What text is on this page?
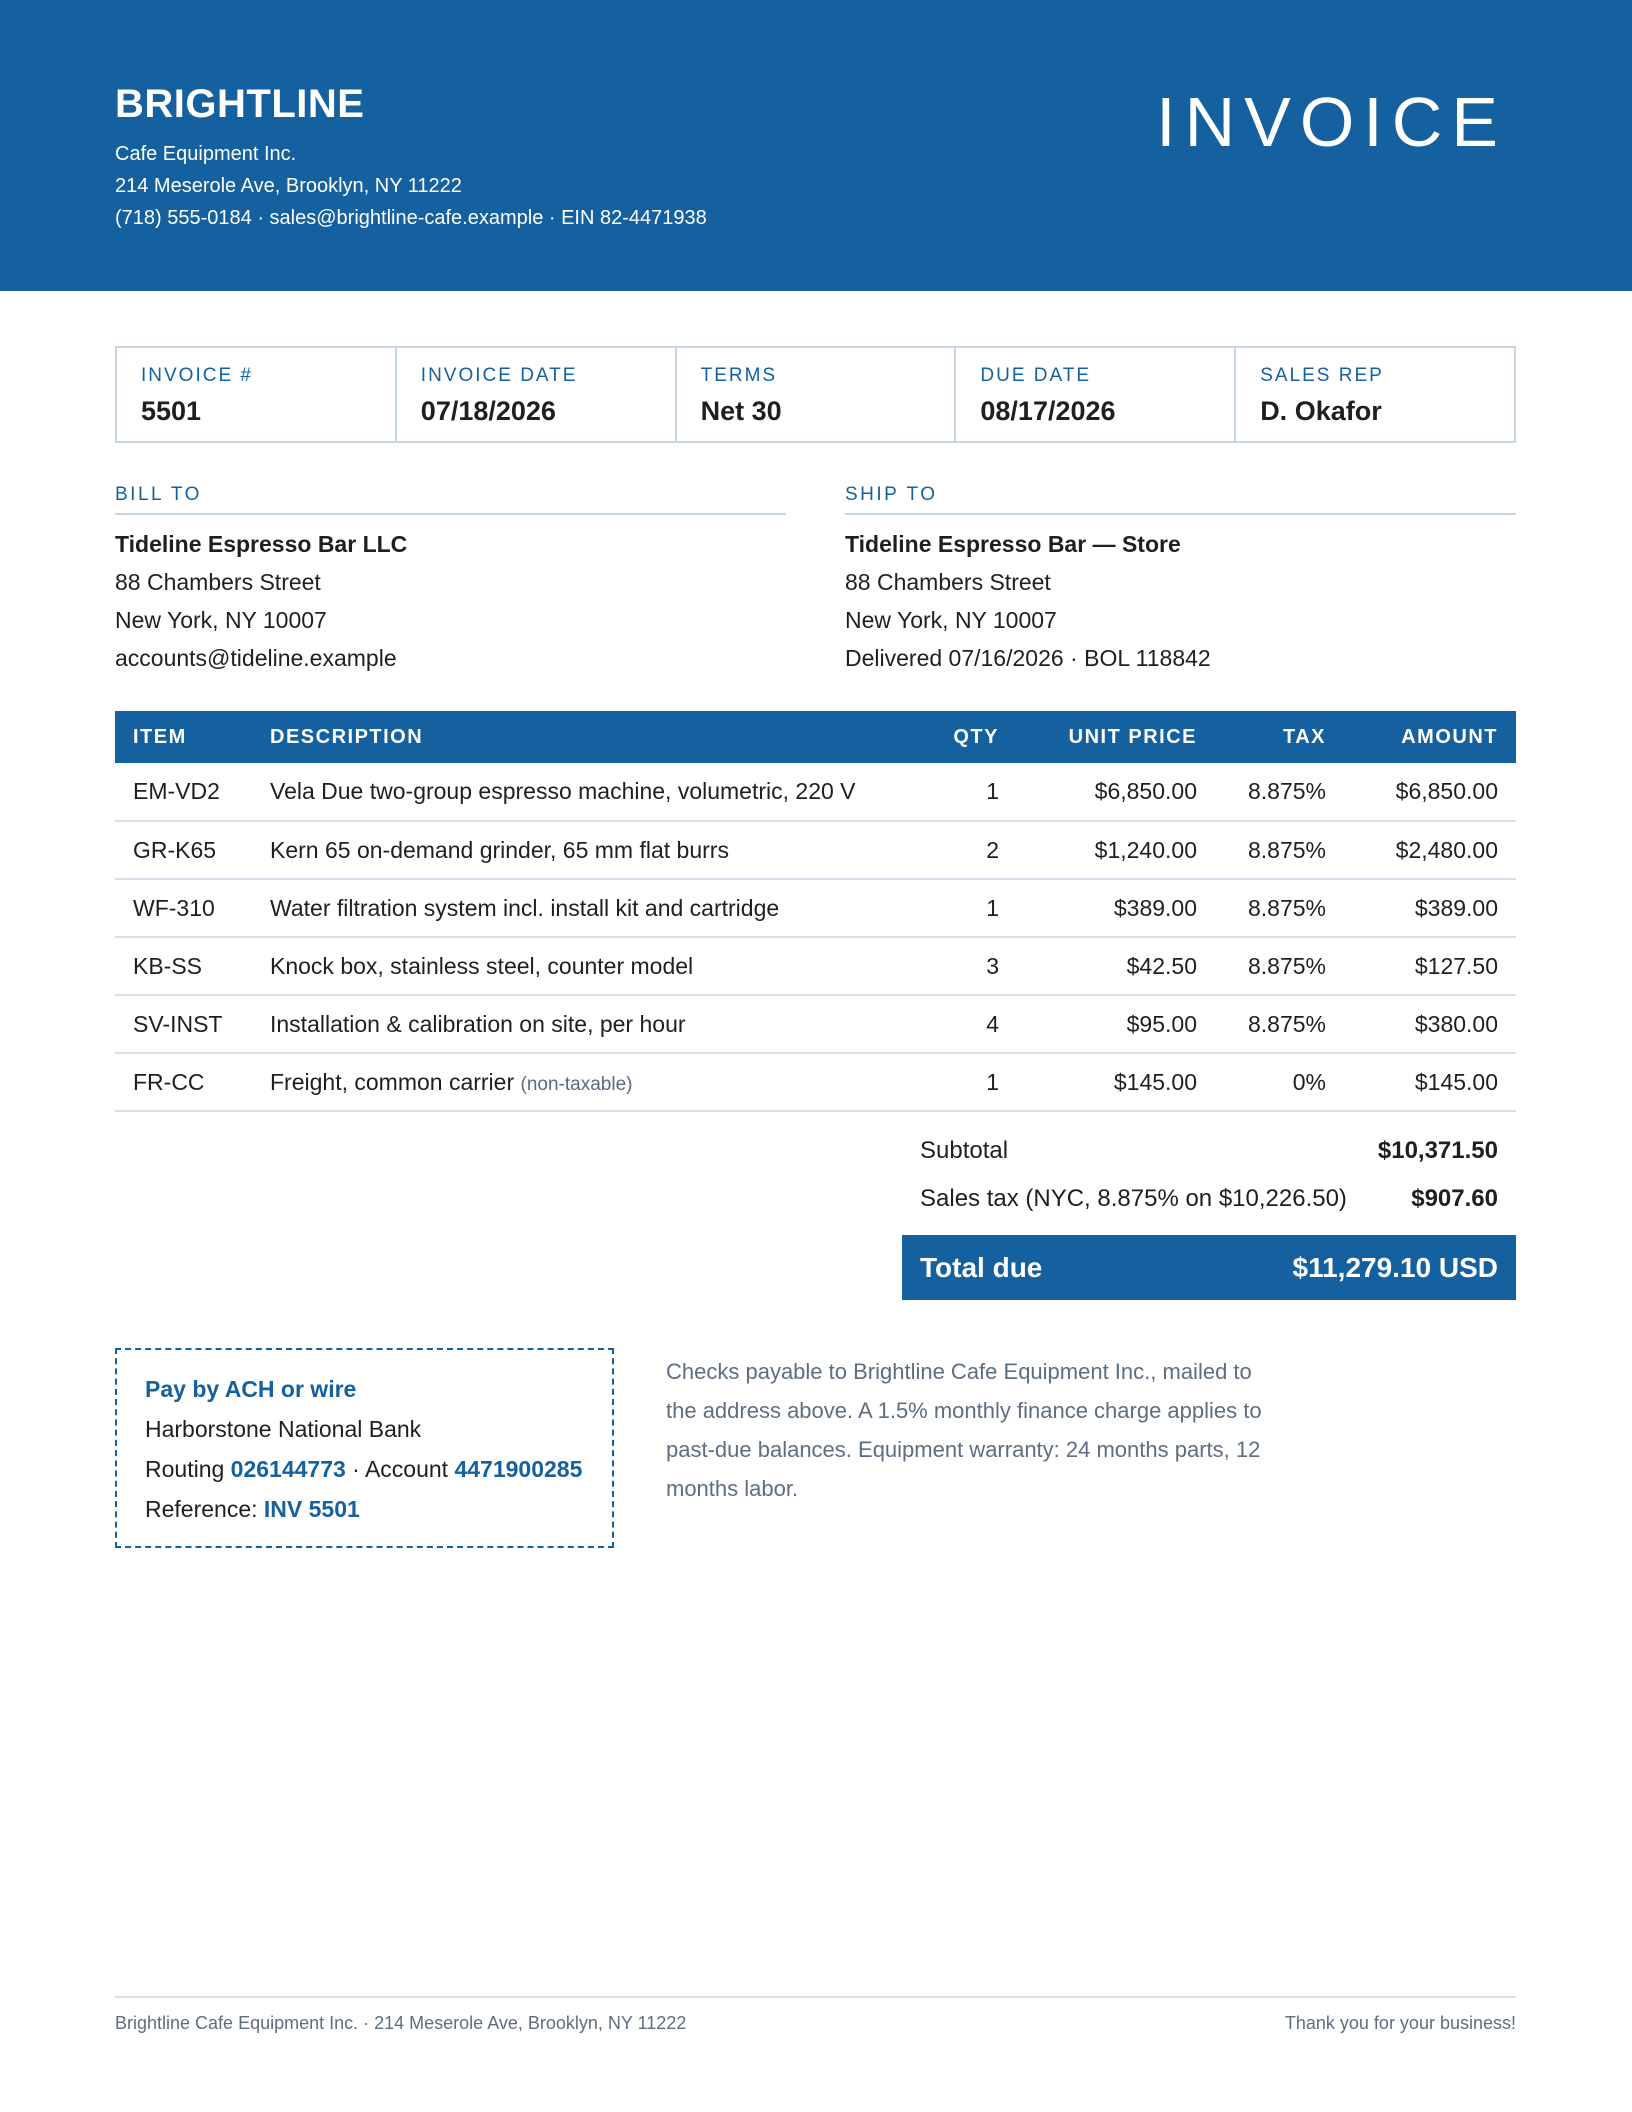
BRIGHTLINE
Cafe Equipment Inc.
214 Meserole Ave, Brooklyn, NY 11222
(718) 555-0184 · sales@brightline-cafe.example · EIN 82-4471938
INVOICE
INVOICE #
5501
INVOICE DATE
07/18/2026
TERMS
Net 30
DUE DATE
08/17/2026
SALES REP
D. Okafor
BILL TO
Tideline Espresso Bar LLC
88 Chambers Street
New York, NY 10007
accounts@tideline.example
SHIP TO
Tideline Espresso Bar — Store
88 Chambers Street
New York, NY 10007
Delivered 07/16/2026 · BOL 118842
ITEM	DESCRIPTION	QTY	UNIT PRICE	TAX	AMOUNT
EM-VD2	Vela Due two-group espresso machine, volumetric, 220 V	1	$6,850.00	8.875%	$6,850.00
GR-K65	Kern 65 on-demand grinder, 65 mm flat burrs	2	$1,240.00	8.875%	$2,480.00
WF-310	Water filtration system incl. install kit and cartridge	1	$389.00	8.875%	$389.00
KB-SS	Knock box, stainless steel, counter model	3	$42.50	8.875%	$127.50
SV-INST	Installation & calibration on site, per hour	4	$95.00	8.875%	$380.00
FR-CC	Freight, common carrier (non-taxable)	1	$145.00	0%	$145.00
Subtotal	$10,371.50
Sales tax (NYC, 8.875% on $10,226.50)	$907.60
Total due	$11,279.10 USD
Pay by ACH or wire
Harborstone National Bank
Routing 026144773 · Account 4471900285
Reference: INV 5501
Checks payable to Brightline Cafe Equipment Inc., mailed to the address above. A 1.5% monthly finance charge applies to past-due balances. Equipment warranty: 24 months parts, 12 months labor.
Brightline Cafe Equipment Inc. · 214 Meserole Ave, Brooklyn, NY 11222	Thank you for your business!
